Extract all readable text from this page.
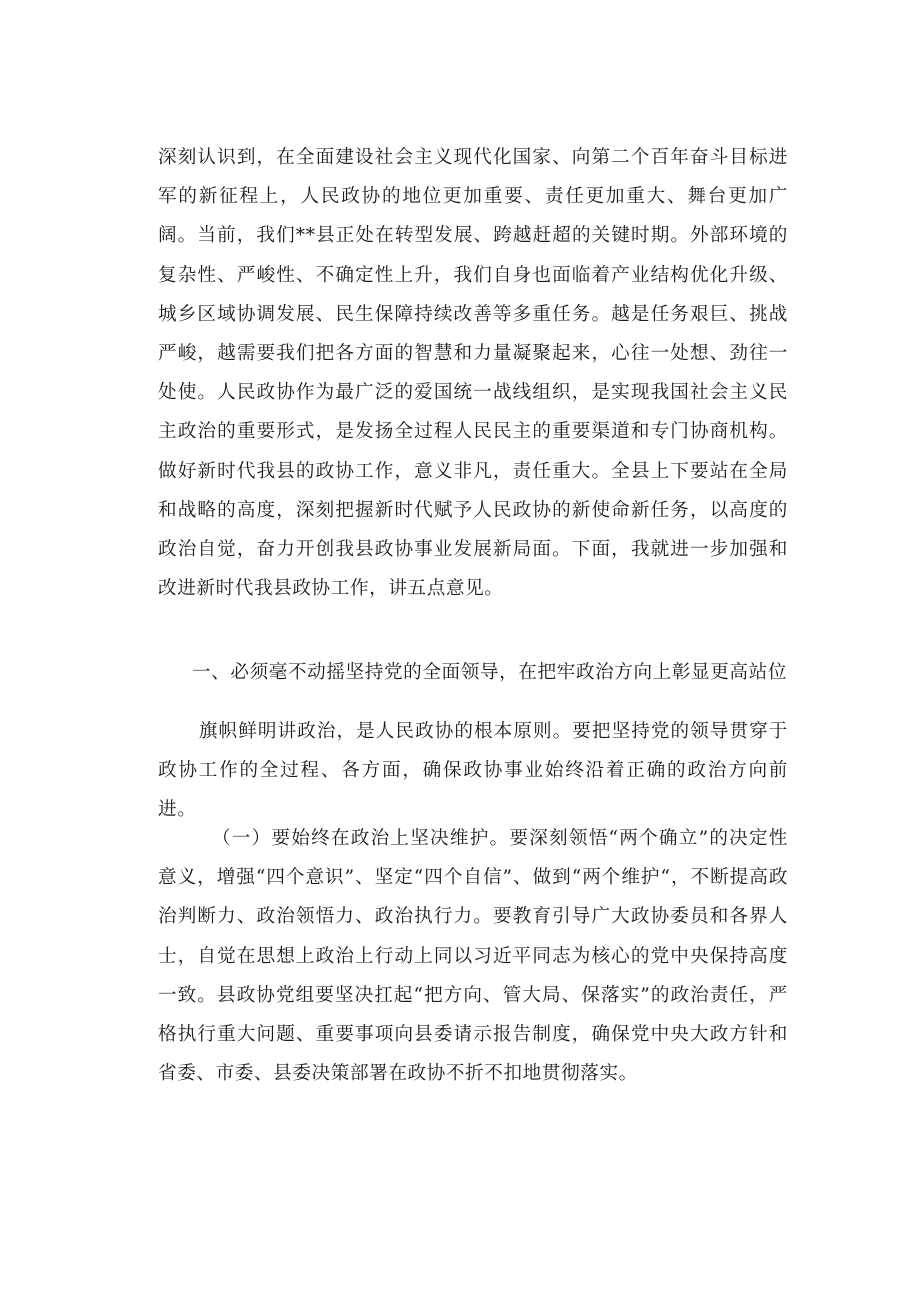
深刻认识到，在全面建设社会主义现代化国家、向第二个百年奋斗目标进军的新征程上，人民政协的地位更加重要、责任更加重大、舞台更加广阔。当前，我们**县正处在转型发展、跨越赶超的关键时期。外部环境的复杂性、严峻性、不确定性上升，我们自身也面临着产业结构优化升级、城乡区域协调发展、民生保障持续改善等多重任务。越是任务艰巨、挑战严峻，越需要我们把各方面的智慧和力量凝聚起来，心往一处想、劲往一处使。人民政协作为最广泛的爱国统一战线组织，是实现我国社会主义民主政治的重要形式，是发扬全过程人民民主的重要渠道和专门协商机构。做好新时代我县的政协工作，意义非凡，责任重大。全县上下要站在全局和战略的高度，深刻把握新时代赋予人民政协的新使命新任务，以高度的政治自觉，奋力开创我县政协事业发展新局面。下面，我就进一步加强和改进新时代我县政协工作，讲五点意见。

一、必须毫不动摇坚持党的全面领导，在把牢政治方向上彰显更高站位

旗帜鲜明讲政治，是人民政协的根本原则。要把坚持党的领导贯穿于政协工作的全过程、各方面，确保政协事业始终沿着正确的政治方向前进。

（一）要始终在政治上坚决维护。要深刻领悟“两个确立”的决定性意义，增强“四个意识”、坚定“四个自信”、做到“两个维护“，不断提高政治判断力、政治领悟力、政治执行力。要教育引导广大政协委员和各界人士，自觉在思想上政治上行动上同以习近平同志为核心的党中央保持高度一致。县政协党组要坚决扛起“把方向、管大局、保落实”的政治责任，严格执行重大问题、重要事项向县委请示报告制度，确保党中央大政方针和省委、市委、县委决策部署在政协不折不扣地贯彻落实。
